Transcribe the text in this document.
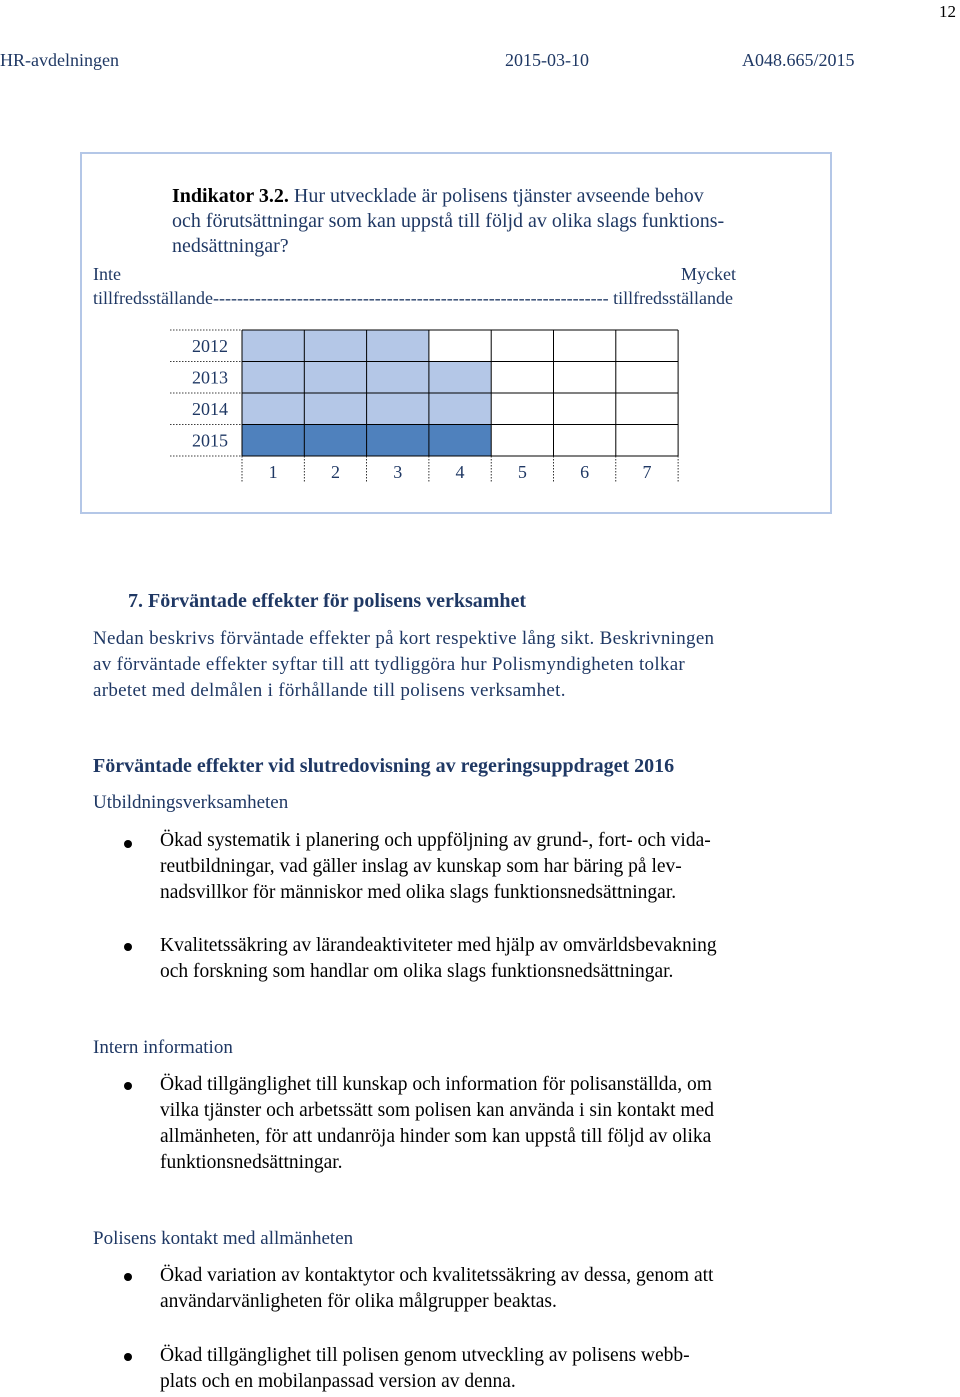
12
HR-avdelningen	2015-03-10	A048.665/2015
Indikator 3.2. Hur utvecklade är polisens tjänster avseende behov
och förutsättningar som kan uppstå till följd av olika slags funktions-
nedsättningar?
Inte	Mycket
tillfredsställande------------------------------------------------------------------ tillfredsställande
2012
2013
2014
2015
1	2	3	4	5	6	7
7. Förväntade effekter för polisens verksamhet
Nedan beskrivs förväntade effekter på kort respektive lång sikt. Beskrivningen
av förväntade effekter syftar till att tydliggöra hur Polismyndigheten tolkar
arbetet med delmålen i förhållande till polisens verksamhet.
Förväntade effekter vid slutredovisning av regeringsuppdraget 2016
Utbildningsverksamheten
Ökad systematik i planering och uppföljning av grund-, fort- och vida-
reutbildningar, vad gäller inslag av kunskap som har bäring på lev-
nadsvillkor för människor med olika slags funktionsnedsättningar.
Kvalitetssäkring av lärandeaktiviteter med hjälp av omvärldsbevakning
och forskning som handlar om olika slags funktionsnedsättningar.
Intern information
Ökad tillgänglighet till kunskap och information för polisanställda, om
vilka tjänster och arbetssätt som polisen kan använda i sin kontakt med
allmänheten, för att undanröja hinder som kan uppstå till följd av olika
funktionsnedsättningar.
Polisens kontakt med allmänheten
Ökad variation av kontaktytor och kvalitetssäkring av dessa, genom att
användarvänligheten för olika målgrupper beaktas.
Ökad tillgänglighet till polisen genom utveckling av polisens webb-
plats och en mobilanpassad version av denna.
